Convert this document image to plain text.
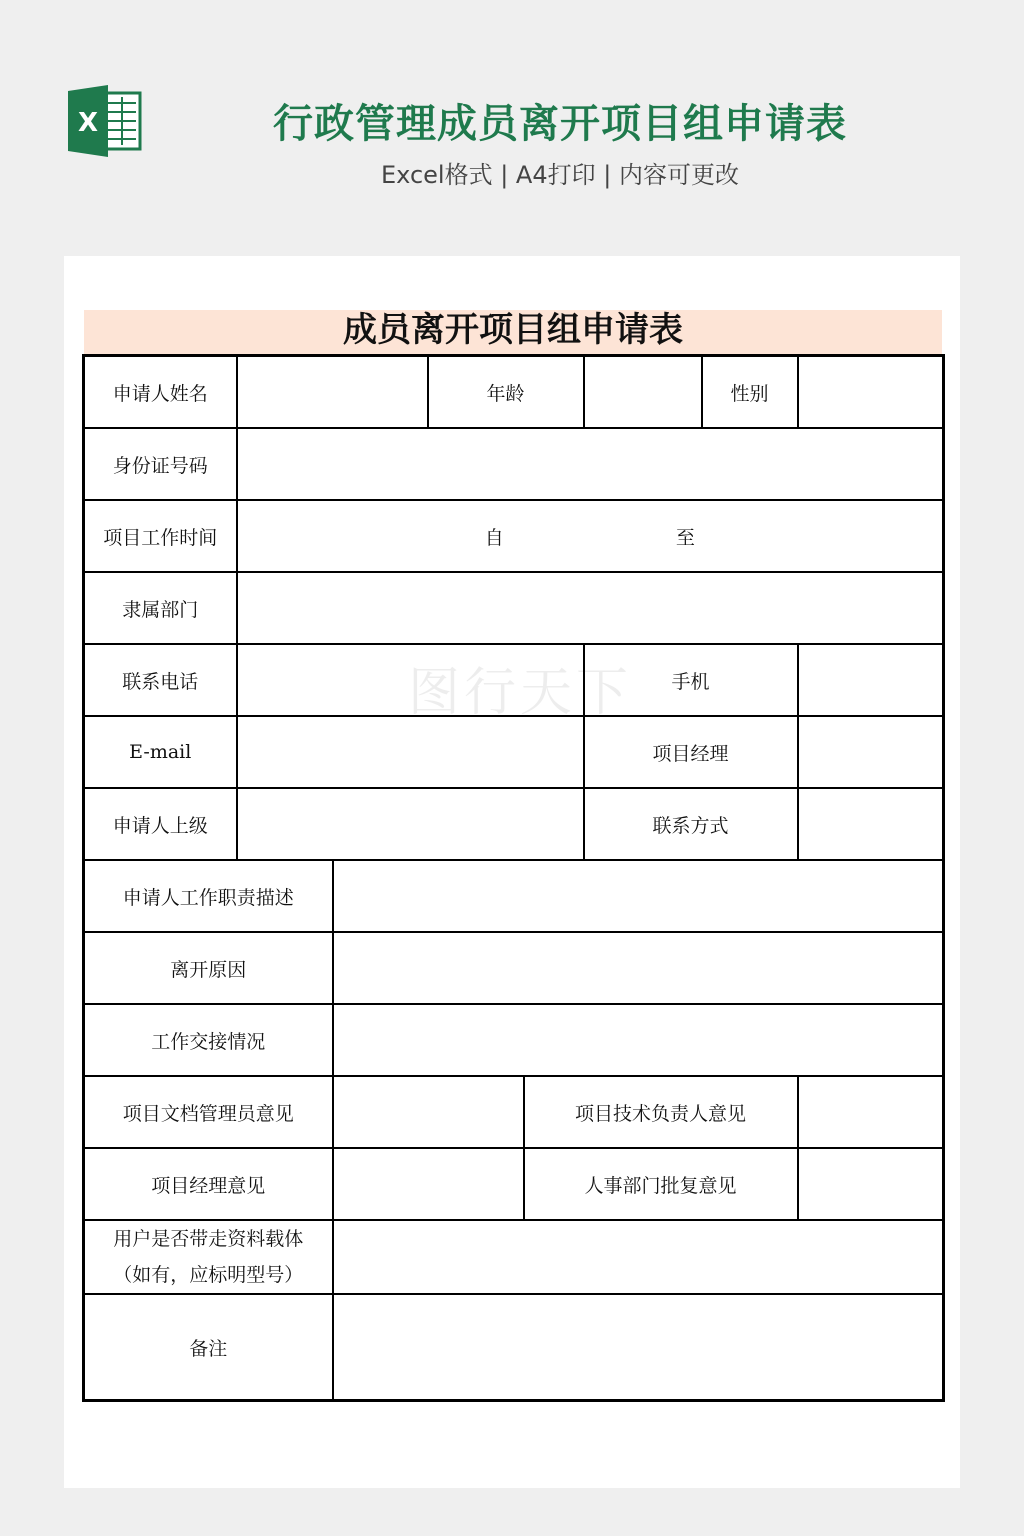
X	行政管理成员离开项目组申请表
Excel格式 | A4打印 | 内容可更改
成员离开项目组申请表
申请人姓名			年龄			性别	
身份证号码							
项目工作时间	自 至						
隶属部门							
联系电话					手机		
E-mail					项目经理		
申请人上级					联系方式		
申请人工作职责描述							
离开原因							
工作交接情况							
项目文档管理员意见				项目技术负责人意见			
项目经理意见				人事部门批复意见			

用户是否带走资料载体
（如有，应标明型号）							

备注							
